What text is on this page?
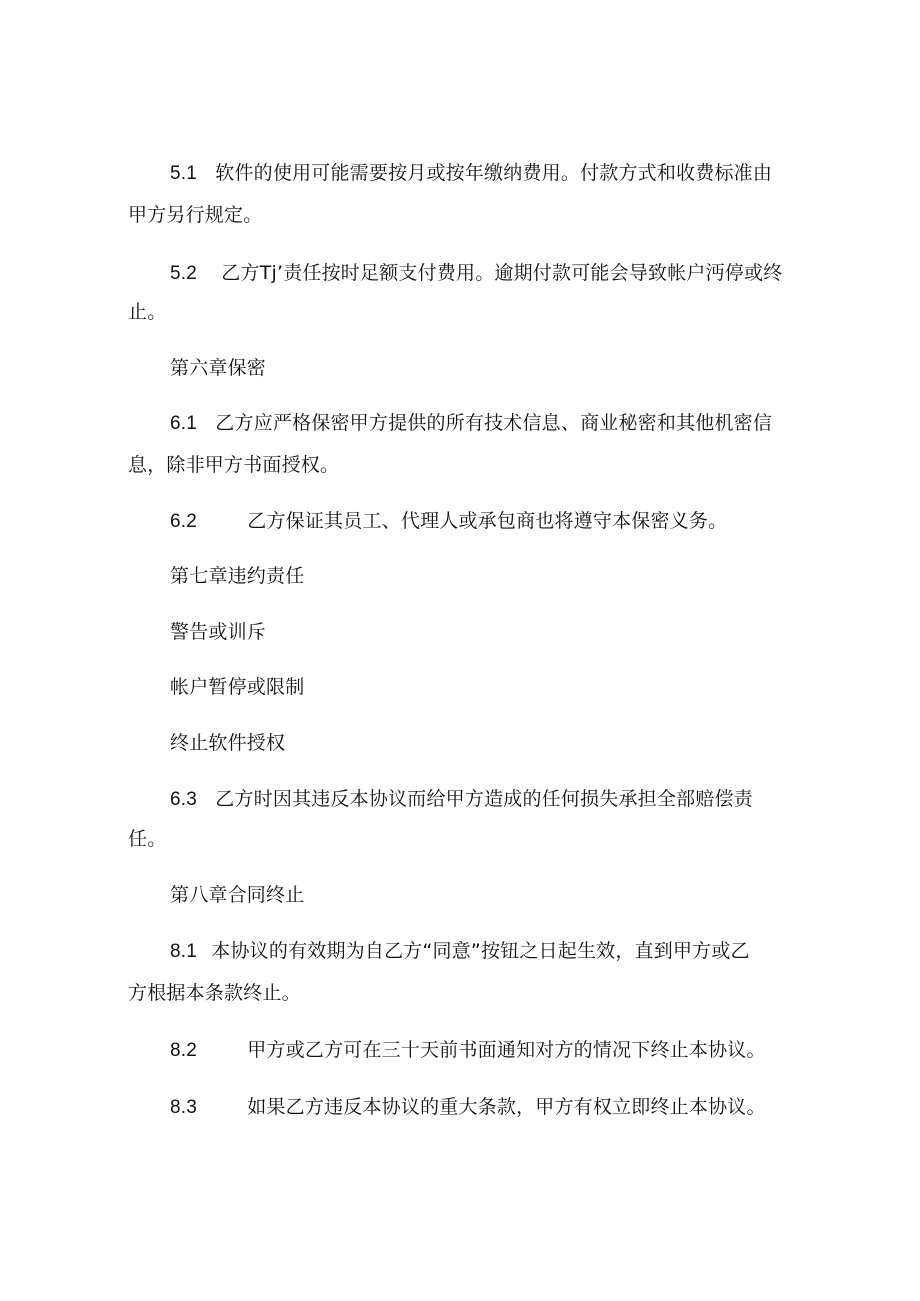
5.1 软件的使用可能需要按月或按年缴纳费用。付款方式和收费标准由
甲方另行规定。
5.2 乙方Tj’责任按时足额支付费用。逾期付款可能会导致帐户沔停或终
止。
第六章保密
6.1 乙方应严格保密甲方提供的所有技术信息、商业秘密和其他机密信
息，除非甲方书面授权。
6.2	乙方保证其员工、代理人或承包商也将遵守本保密义务。
第七章违约责任
警告或训斥
帐户暂停或限制
终止软件授权
6.3 乙方时因其违反本协议而给甲方造成的任何损失承担全部赔偿责
任。
第八章合同终止
8.1 本协议的有效期为自乙方“同意”按钮之日起生效，直到甲方或乙
方根据本条款终止。
8.2	甲方或乙方可在三十天前书面通知对方的情况下终止本协议。
8.3	如果乙方违反本协议的重大条款，甲方有权立即终止本协议。
